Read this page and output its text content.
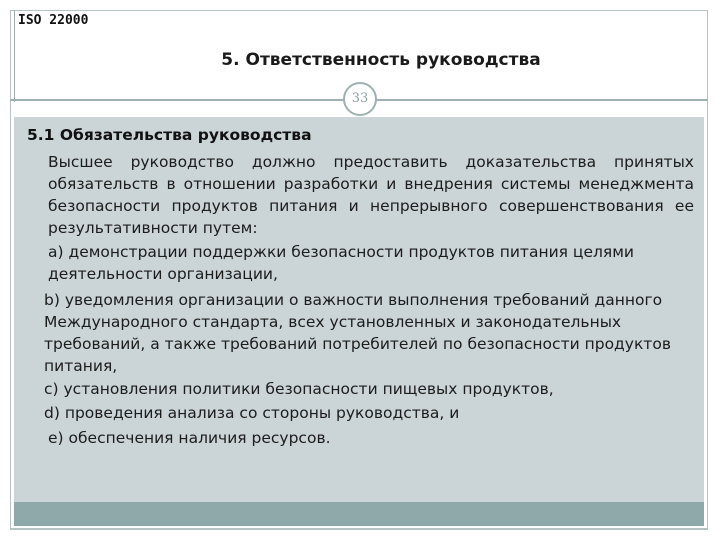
ISO 22000
5. Ответственность руководства
33
5.1 Обязательства руководства
Высшее руководство должно предоставить доказательства принятых обязательств в отношении разработки и внедрения системы менеджмента безопасности продуктов питания и непрерывного совершенствования ее результативности путем:
а) демонстрации поддержки безопасности продуктов питания целями деятельности организации,
b) уведомления организации о важности выполнения требований данного Международного стандарта, всех установленных и законодательных требований, а также требований потребителей по безопасности продуктов питания,
c) установления политики безопасности пищевых продуктов,
d) проведения анализа со стороны руководства, и
e) обеспечения наличия ресурсов.
